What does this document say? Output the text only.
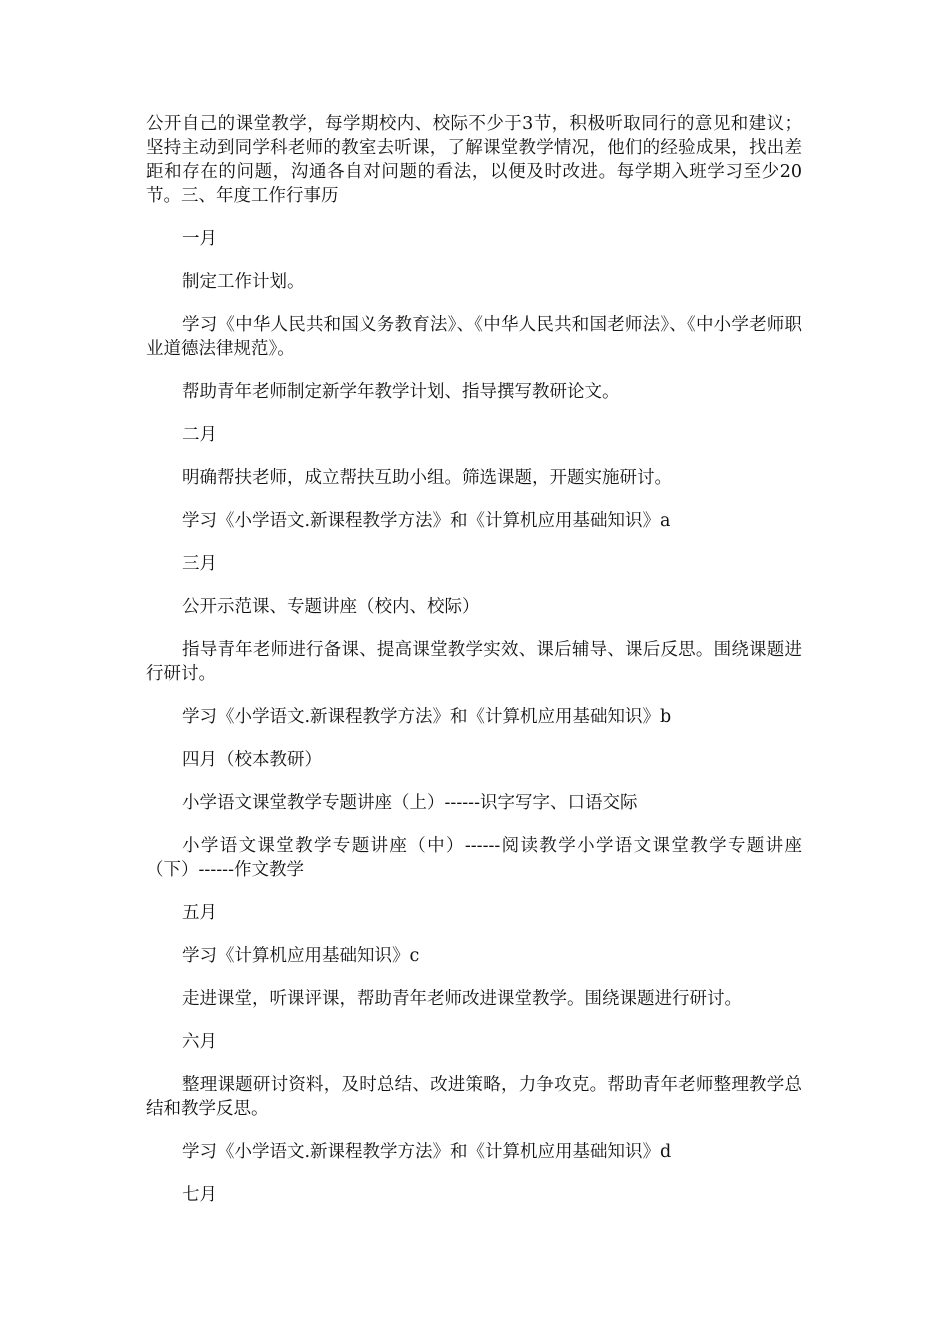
公开自己的课堂教学，每学期校内、校际不少于3节，积极听取同行的意见和建议；坚持主动到同学科老师的教室去听课，了解课堂教学情况，他们的经验成果，找出差距和存在的问题，沟通各自对问题的看法，以便及时改进。每学期入班学习至少20节。三、年度工作行事历

一月

制定工作计划。

学习《中华人民共和国义务教育法》、《中华人民共和国老师法》、《中小学老师职业道德法律规范》。

帮助青年老师制定新学年教学计划、指导撰写教研论文。

二月

明确帮扶老师，成立帮扶互助小组。筛选课题，开题实施研讨。

学习《小学语文.新课程教学方法》和《计算机应用基础知识》a

三月

公开示范课、专题讲座（校内、校际）

指导青年老师进行备课、提高课堂教学实效、课后辅导、课后反思。围绕课题进行研讨。

学习《小学语文.新课程教学方法》和《计算机应用基础知识》b

四月（校本教研）

小学语文课堂教学专题讲座（上）------识字写字、口语交际

小学语文课堂教学专题讲座（中）------阅读教学小学语文课堂教学专题讲座（下）------作文教学

五月

学习《计算机应用基础知识》c

走进课堂，听课评课，帮助青年老师改进课堂教学。围绕课题进行研讨。

六月

整理课题研讨资料，及时总结、改进策略，力争攻克。帮助青年老师整理教学总结和教学反思。

学习《小学语文.新课程教学方法》和《计算机应用基础知识》d

七月
